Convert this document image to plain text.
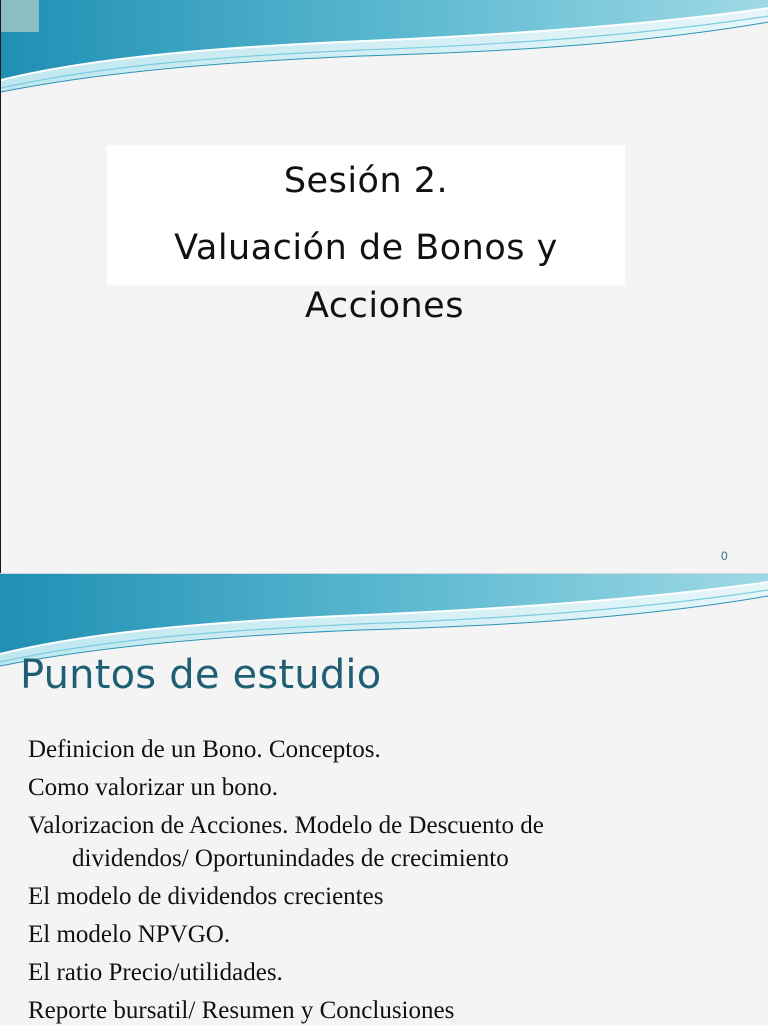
Sesión 2.
Valuación de Bonos y
Acciones
0
Puntos de estudio
Definicion de un Bono. Conceptos.
Como valorizar un bono.
Valorizacion de Acciones. Modelo de Descuento de
dividendos/ Oportunindades de crecimiento
El modelo de dividendos crecientes
El modelo NPVGO.
El ratio Precio/utilidades.
Reporte bursatil/ Resumen y Conclusiones
